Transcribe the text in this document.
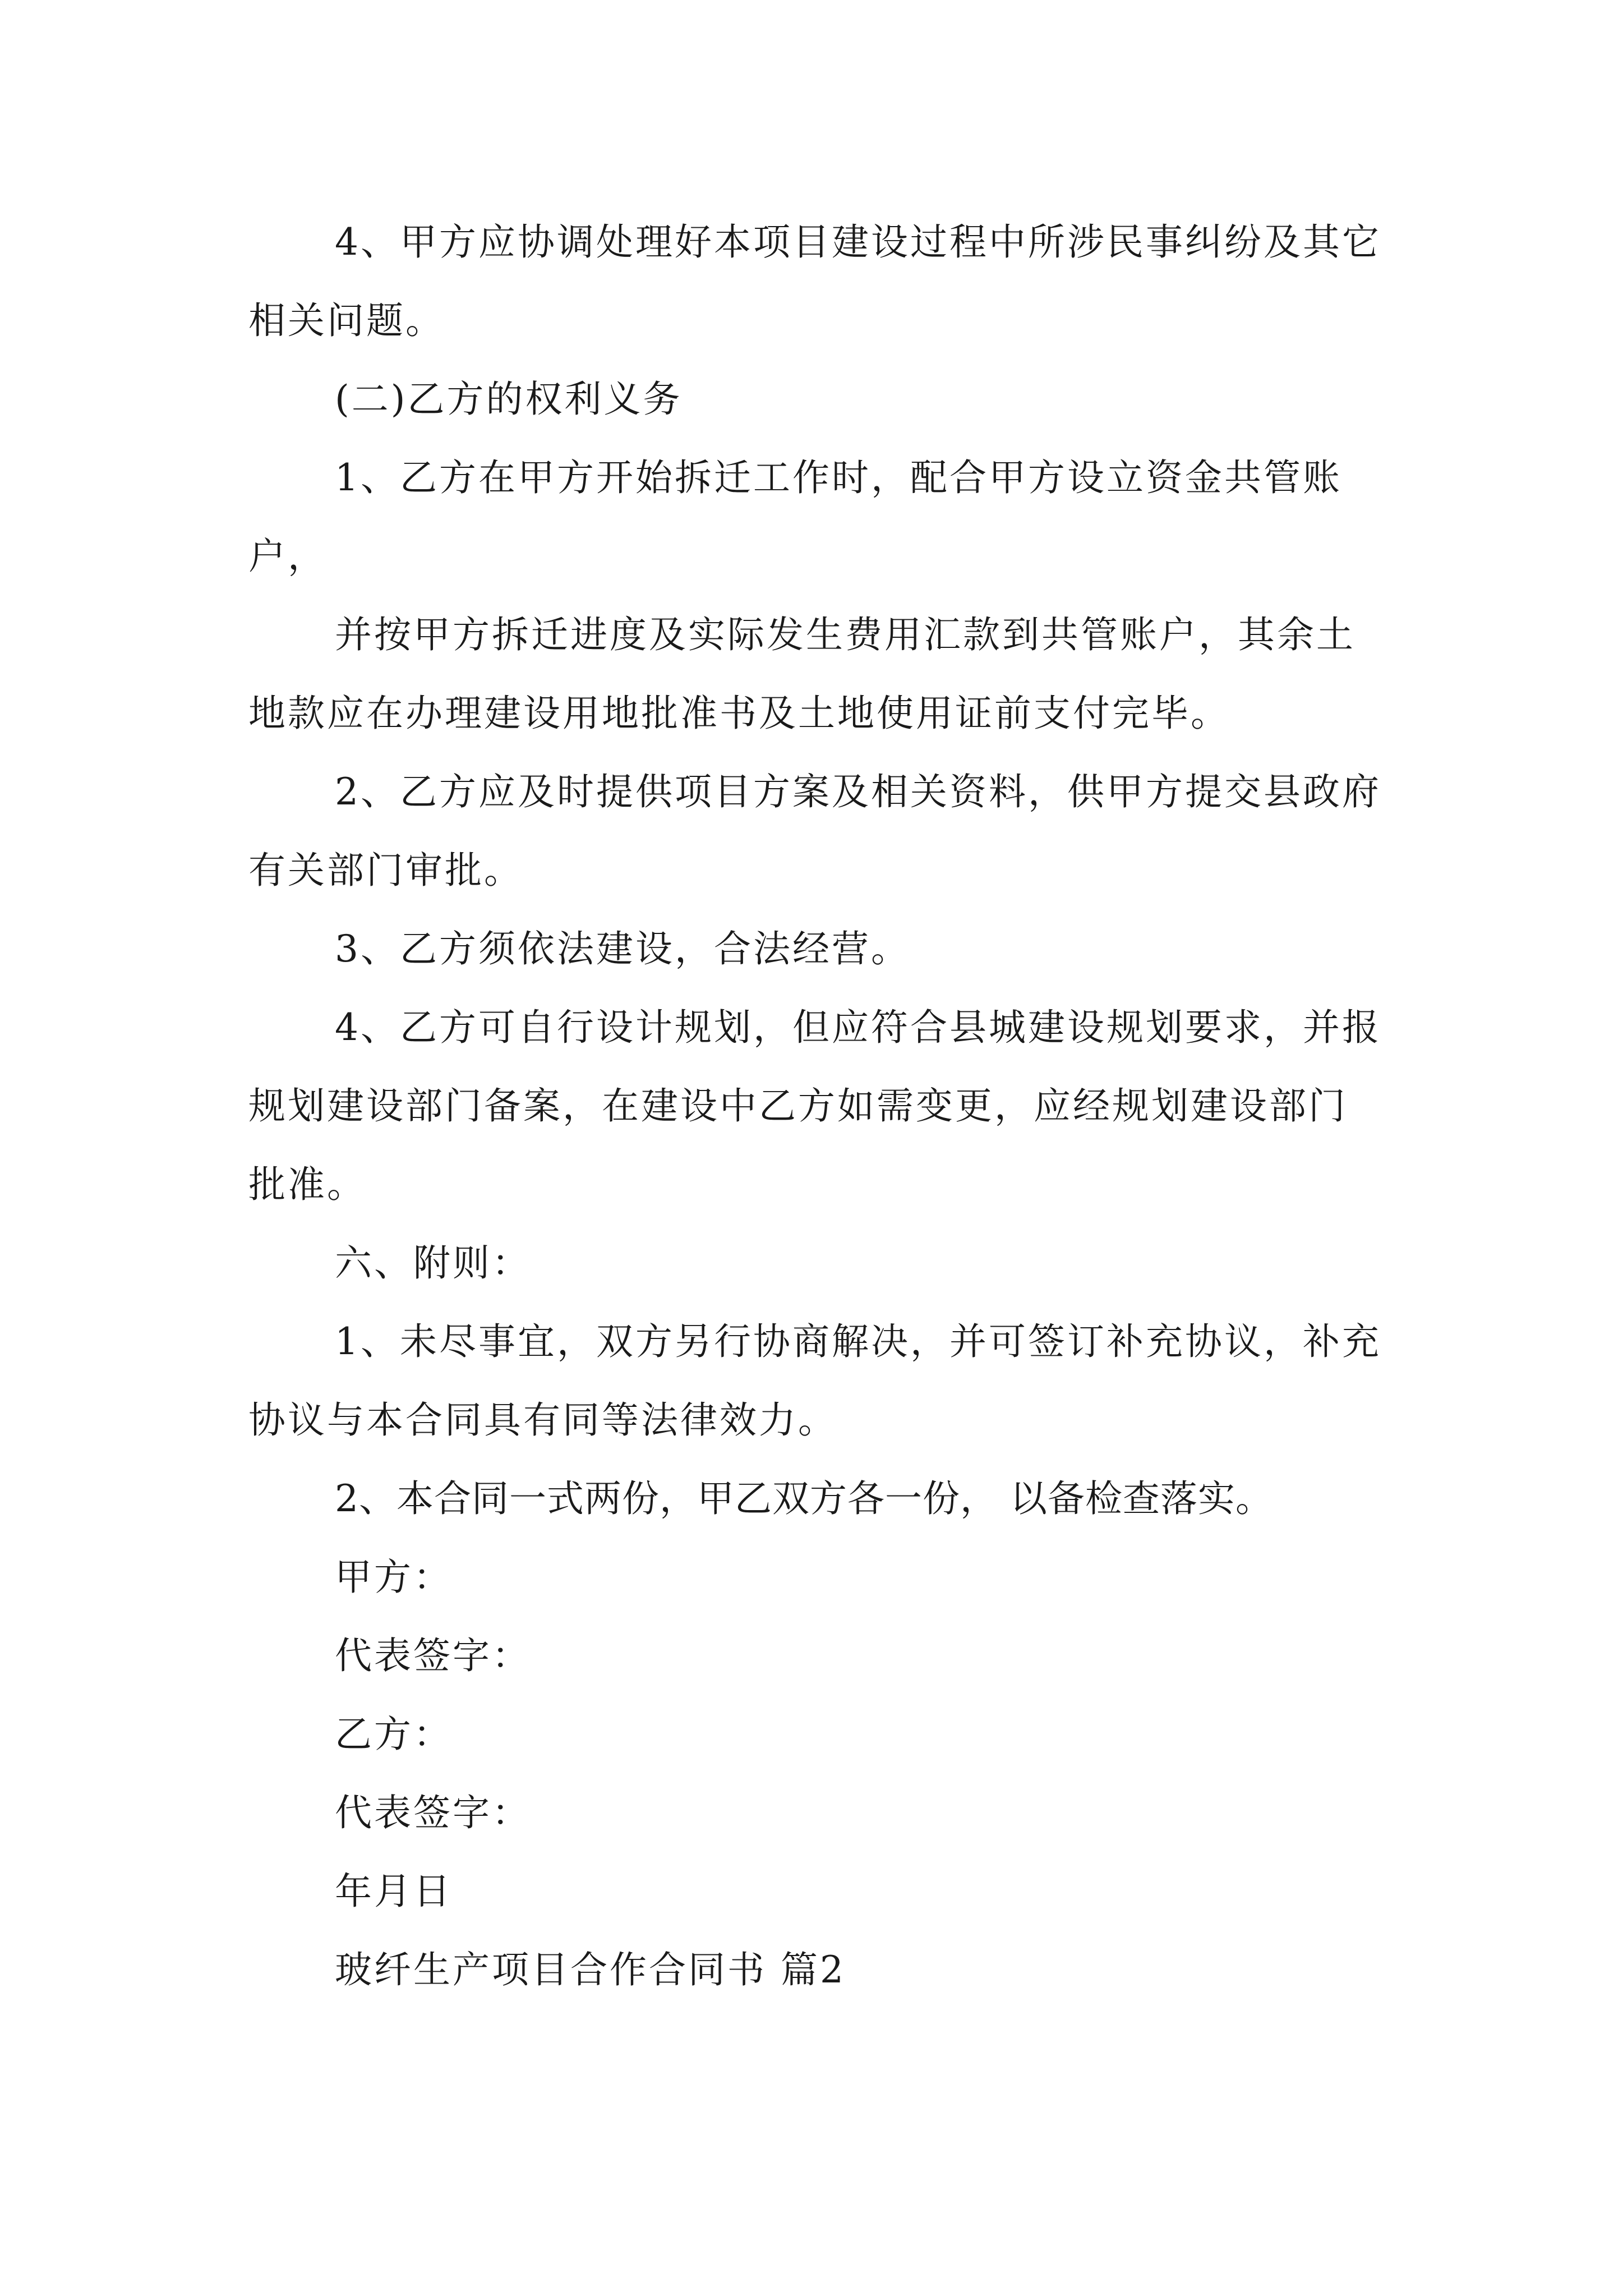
4、甲方应协调处理好本项目建设过程中所涉民事纠纷及其它相关问题。

(二)乙方的权利义务

1、乙方在甲方开始拆迁工作时，配合甲方设立资金共管账户，

并按甲方拆迁进度及实际发生费用汇款到共管账户，其余土地款应在办理建设用地批准书及土地使用证前支付完毕。

2、乙方应及时提供项目方案及相关资料，供甲方提交县政府有关部门审批。

3、乙方须依法建设，合法经营。

4、乙方可自行设计规划，但应符合县城建设规划要求，并报规划建设部门备案，在建设中乙方如需变更，应经规划建设部门批准。

六、附则：

1、未尽事宜，双方另行协商解决，并可签订补充协议，补充协议与本合同具有同等法律效力。

2、本合同一式两份，甲乙双方各一份， 以备检查落实。

甲方：

代表签字：

乙方：

代表签字：

年月日

玻纤生产项目合作合同书 篇2
